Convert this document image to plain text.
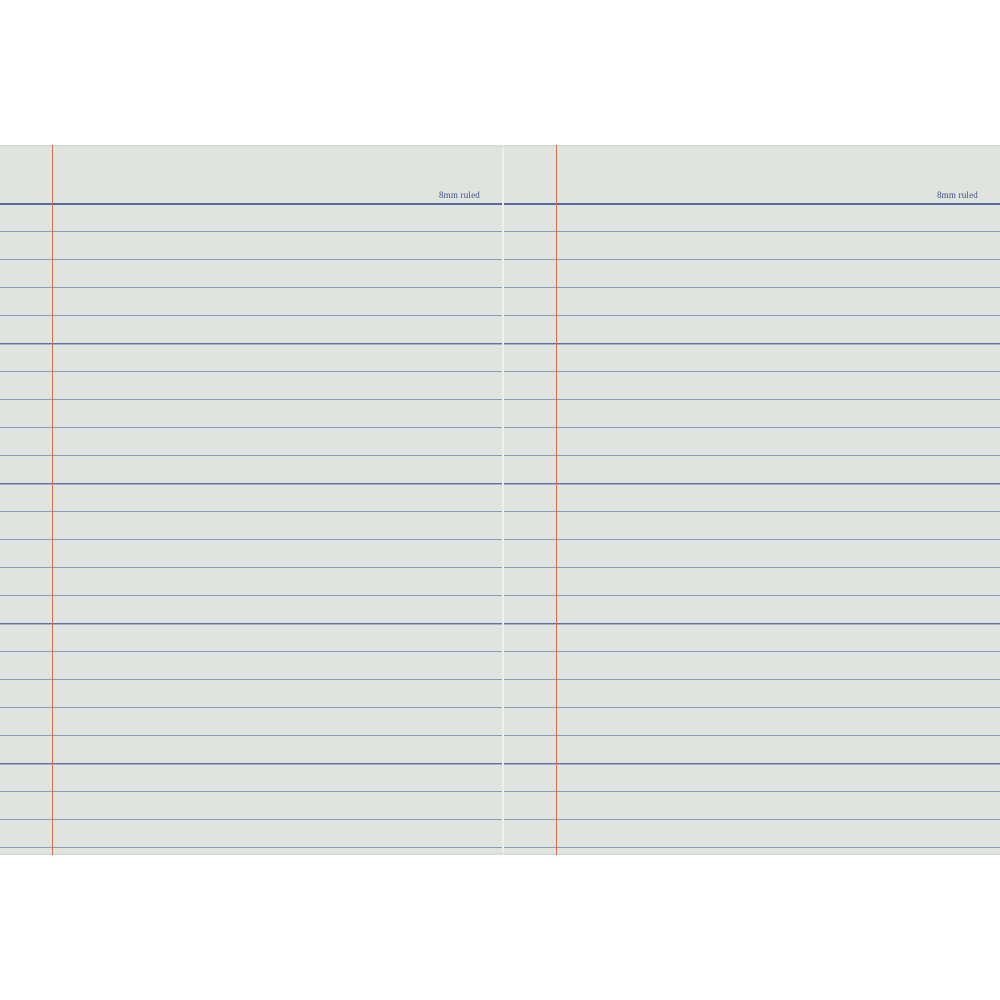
8mm ruled	8mm ruled
